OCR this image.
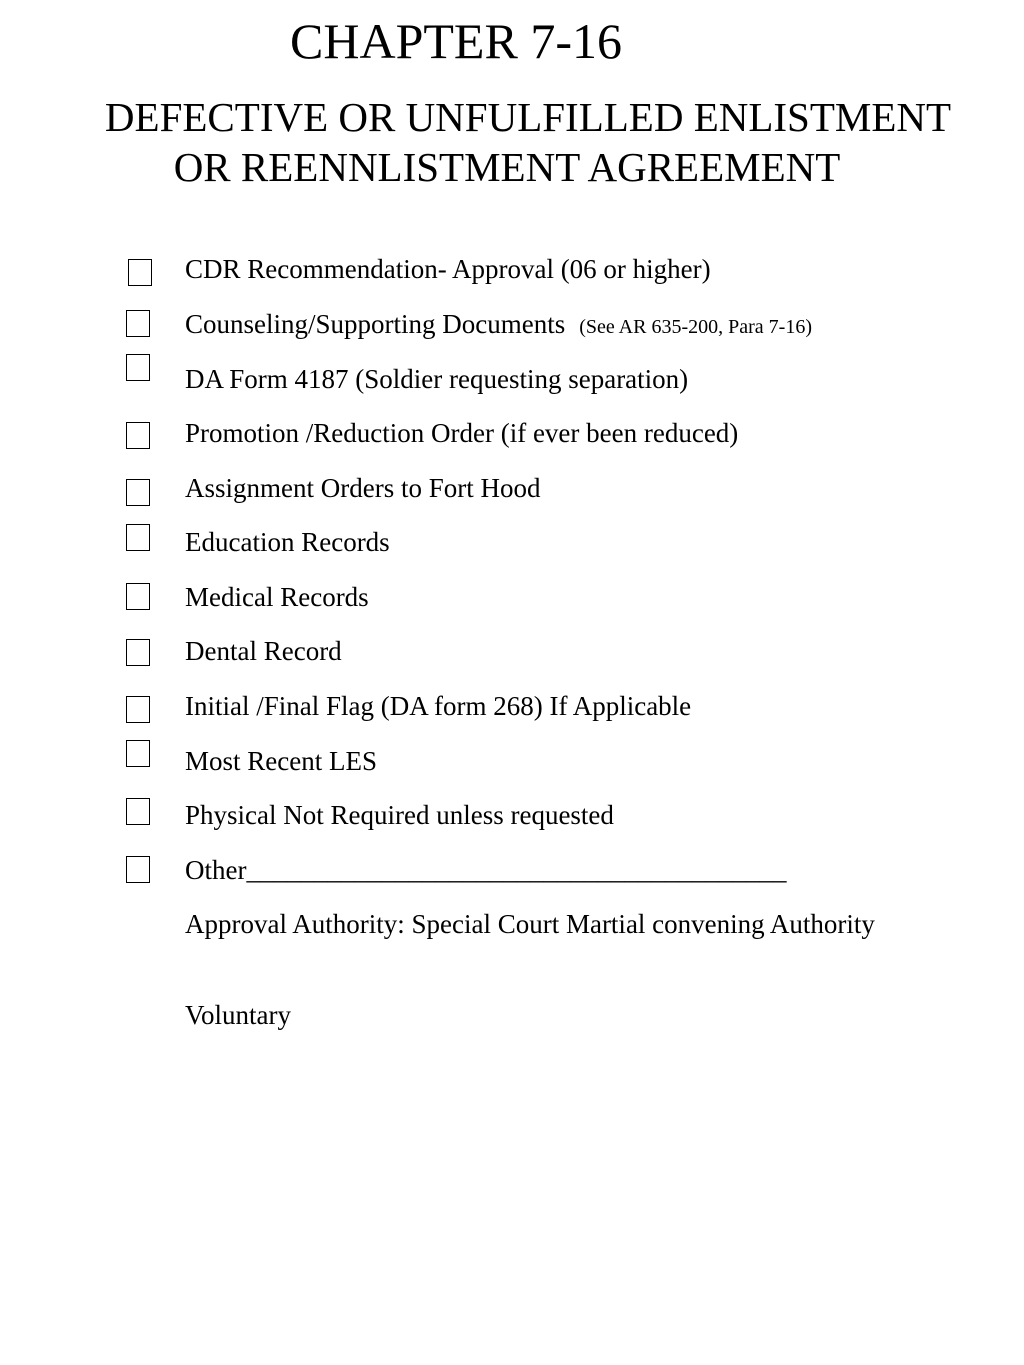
CHAPTER 7-16
DEFECTIVE OR UNFULFILLED ENLISTMENT
OR REENNLISTMENT AGREEMENT
CDR Recommendation- Approval (06 or higher)
Counseling/Supporting Documents (See AR 635-200, Para 7-16)
DA Form 4187 (Soldier requesting separation)
Promotion /Reduction Order (if ever been reduced)
Assignment Orders to Fort Hood
Education Records
Medical Records
Dental Record
Initial /Final Flag (DA form 268) If Applicable
Most Recent LES
Physical Not Required unless requested
Other________________________________________
Approval Authority: Special Court Martial convening Authority
Voluntary
